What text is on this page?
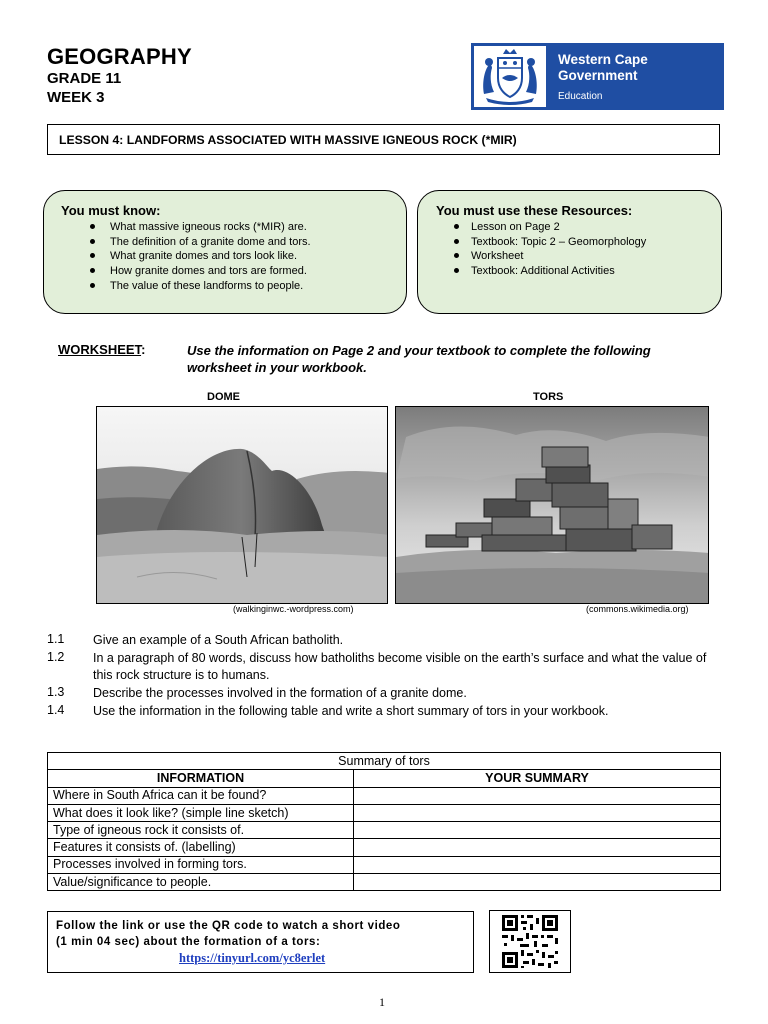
GEOGRAPHY
GRADE 11
WEEK 3
Western Cape
Government
Education
LESSON 4: LANDFORMS ASSOCIATED WITH MASSIVE IGNEOUS ROCK (*MIR)
You must know:
What massive igneous rocks (*MIR) are.
The definition of a granite dome and tors.
What granite domes and tors look like.
How granite domes and tors are formed.
The value of these landforms to people.
You must use these Resources:
Lesson on Page 2
Textbook: Topic 2 – Geomorphology
Worksheet
Textbook: Additional Activities
WORKSHEET:	Use the information on Page 2 and your textbook to complete the following worksheet in your workbook.
DOME	TORS
(walkinginwc.-wordpress.com)	(commons.wikimedia.org)
1.1 Give an example of a South African batholith.
1.2 In a paragraph of 80 words, discuss how batholiths become visible on the earth’s surface and what the value of this rock structure is to humans.
1.3 Describe the processes involved in the formation of a granite dome.
1.4 Use the information in the following table and write a short summary of tors in your workbook.
Summary of tors	
INFORMATION	YOUR SUMMARY
Where in South Africa can it be found?	
What does it look like? (simple line sketch)	
Type of igneous rock it consists of.	
Features it consists of. (labelling)	
Processes involved in forming tors.	
Value/significance to people.	
Follow the link or use the QR code to watch a short video
(1 min 04 sec) about the formation of a tors:
https://tinyurl.com/yc8erlet
1
